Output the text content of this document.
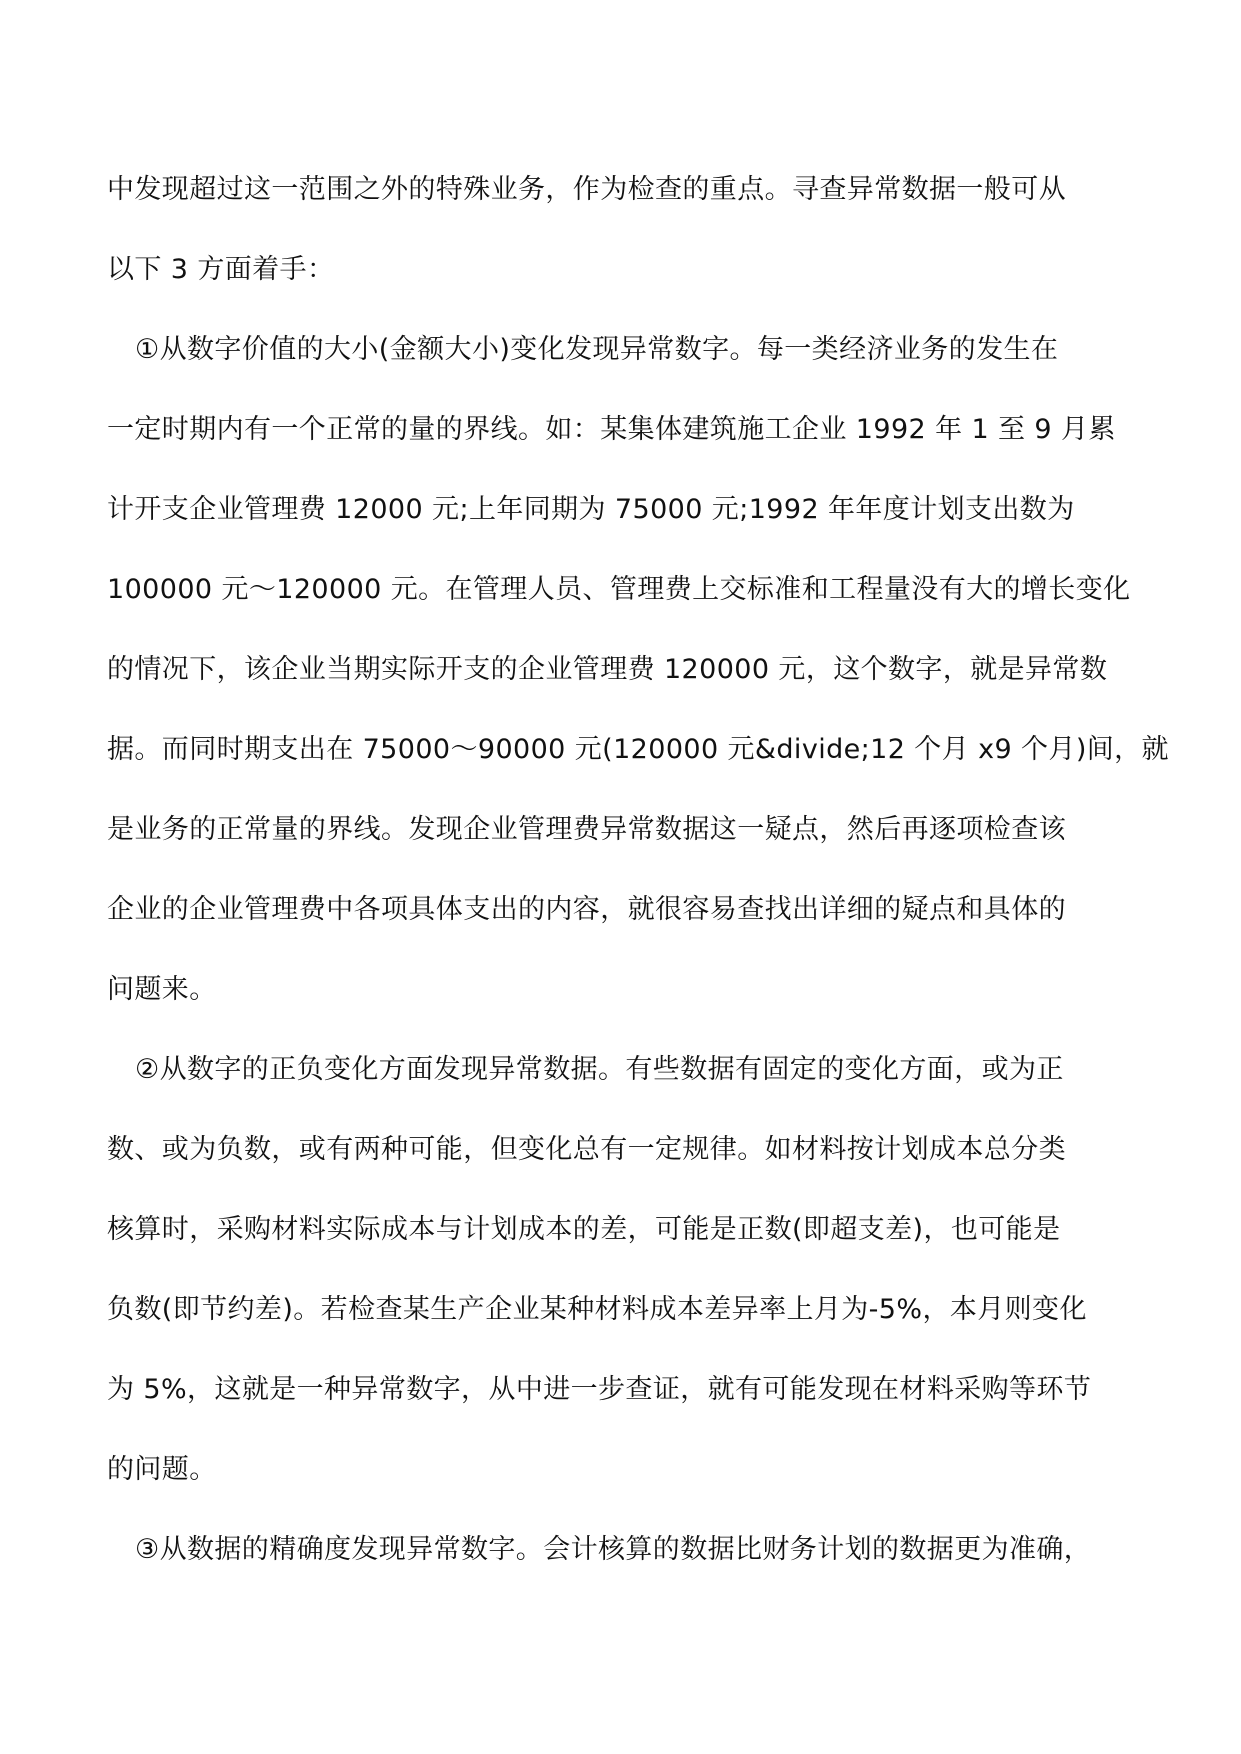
中发现超过这一范围之外的特殊业务，作为检查的重点。寻查异常数据一般可从
以下 3 方面着手：
①从数字价值的大小(金额大小)变化发现异常数字。每一类经济业务的发生在
一定时期内有一个正常的量的界线。如：某集体建筑施工企业 1992 年 1 至 9 月累
计开支企业管理费 12000 元;上年同期为 75000 元;1992 年年度计划支出数为
100000 元～120000 元。在管理人员、管理费上交标准和工程量没有大的增长变化
的情况下，该企业当期实际开支的企业管理费 120000 元，这个数字，就是异常数
据。而同时期支出在 75000～90000 元(120000 元&divide;12 个月 x9 个月)间，就
是业务的正常量的界线。发现企业管理费异常数据这一疑点，然后再逐项检查该
企业的企业管理费中各项具体支出的内容，就很容易查找出详细的疑点和具体的
问题来。
②从数字的正负变化方面发现异常数据。有些数据有固定的变化方面，或为正
数、或为负数，或有两种可能，但变化总有一定规律。如材料按计划成本总分类
核算时，采购材料实际成本与计划成本的差，可能是正数(即超支差)，也可能是
负数(即节约差)。若检查某生产企业某种材料成本差异率上月为-5%，本月则变化
为 5%，这就是一种异常数字，从中进一步查证，就有可能发现在材料采购等环节
的问题。
③从数据的精确度发现异常数字。会计核算的数据比财务计划的数据更为准确，
